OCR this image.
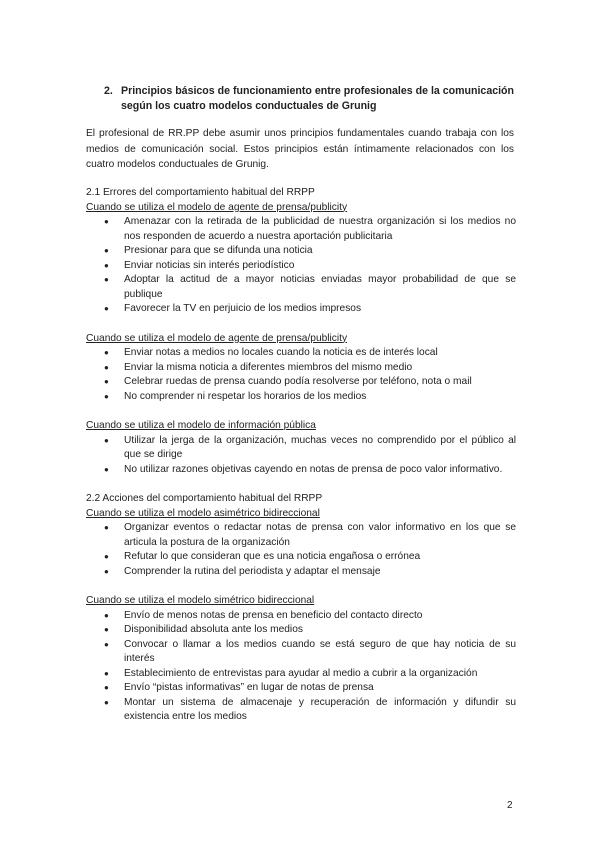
2. Principios básicos de funcionamiento entre profesionales de la comunicación según los cuatro modelos conductuales de Grunig
El profesional de RR.PP debe asumir unos principios fundamentales cuando trabaja con los medios de comunicación social. Estos principios están íntimamente relacionados con los cuatro modelos conductuales de Grunig.

2.1 Errores del comportamiento habitual del RRPP

Cuando se utiliza el modelo de agente de prensa/publicity

● Amenazar con la retirada de la publicidad de nuestra organización si los medios no nos responden de acuerdo a nuestra aportación publicitaria
● Presionar para que se difunda una noticia
● Enviar noticias sin interés periodístico
● Adoptar la actitud de a mayor noticias enviadas mayor probabilidad de que se publique
● Favorecer la TV en perjuicio de los medios impresos

Cuando se utiliza el modelo de agente de prensa/publicity

● Enviar notas a medios no locales cuando la noticia es de interés local
● Enviar la misma noticia a diferentes miembros del mismo medio
● Celebrar ruedas de prensa cuando podía resolverse por teléfono, nota o mail
● No comprender ni respetar los horarios de los medios

Cuando se utiliza el modelo de información pública

● Utilizar la jerga de la organización, muchas veces no comprendido por el público al que se dirige
● No utilizar razones objetivas cayendo en notas de prensa de poco valor informativo.

2.2 Acciones del comportamiento habitual del RRPP

Cuando se utiliza el modelo asimétrico bidireccional

● Organizar eventos o redactar notas de prensa con valor informativo en los que se articula la postura de la organización
● Refutar lo que consideran que es una noticia engañosa o errónea
● Comprender la rutina del periodista y adaptar el mensaje

Cuando se utiliza el modelo simétrico bidireccional

● Envío de menos notas de prensa en beneficio del contacto directo
● Disponibilidad absoluta ante los medios
● Convocar o llamar a los medios cuando se está seguro de que hay noticia de su interés
● Establecimiento de entrevistas para ayudar al medio a cubrir a la organización
● Envío “pistas informativas” en lugar de notas de prensa
● Montar un sistema de almacenaje y recuperación de información y difundir su existencia entre los medios
2
